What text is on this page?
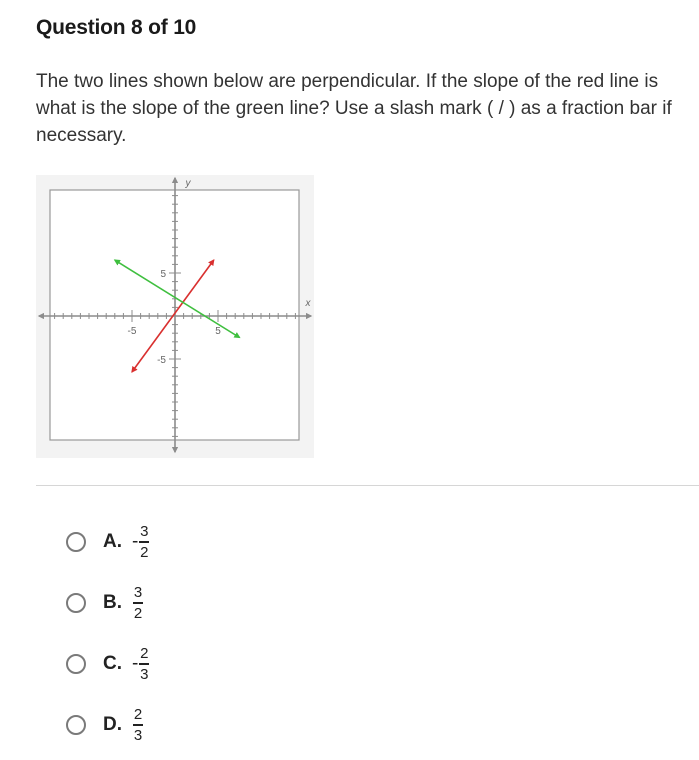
Question 8 of 10
The two lines shown below are perpendicular. If the slope of the red line is
what is the slope of the green line? Use a slash mark ( / ) as a fraction bar if
necessary.
-5	5
5
-5
x
y
A. - $\frac{3}{2}$
B. $\frac{3}{2}$
C. - $\frac{2}{3}$
D. $\frac{2}{3}$
